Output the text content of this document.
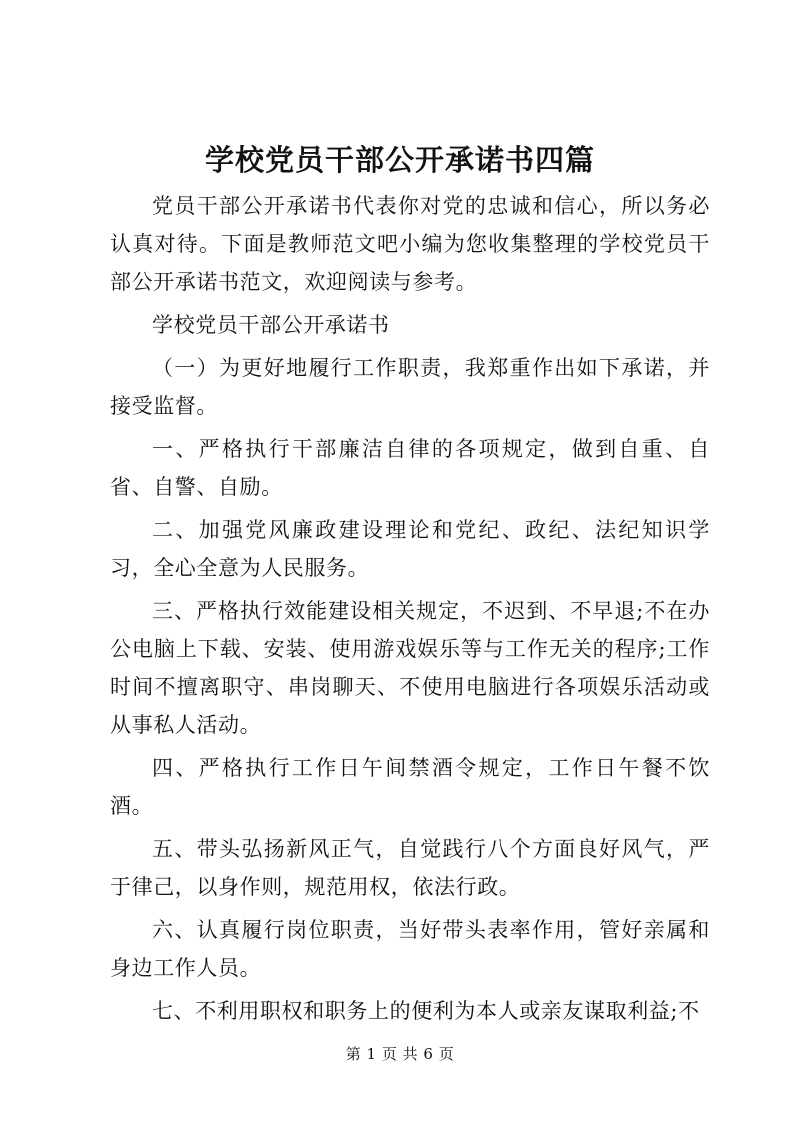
学校党员干部公开承诺书四篇

党员干部公开承诺书代表你对党的忠诚和信心，所以务必认真对待。下面是教师范文吧小编为您收集整理的学校党员干部公开承诺书范文，欢迎阅读与参考。

学校党员干部公开承诺书

（一）为更好地履行工作职责，我郑重作出如下承诺，并接受监督。

一、严格执行干部廉洁自律的各项规定，做到自重、自省、自警、自励。

二、加强党风廉政建设理论和党纪、政纪、法纪知识学习，全心全意为人民服务。

三、严格执行效能建设相关规定，不迟到、不早退;不在办公电脑上下载、安装、使用游戏娱乐等与工作无关的程序;工作时间不擅离职守、串岗聊天、不使用电脑进行各项娱乐活动或从事私人活动。

四、严格执行工作日午间禁酒令规定，工作日午餐不饮酒。

五、带头弘扬新风正气，自觉践行八个方面良好风气，严于律己，以身作则，规范用权，依法行政。

六、认真履行岗位职责，当好带头表率作用，管好亲属和身边工作人员。

七、不利用职权和职务上的便利为本人或亲友谋取利益;不

第 1 页 共 6 页
